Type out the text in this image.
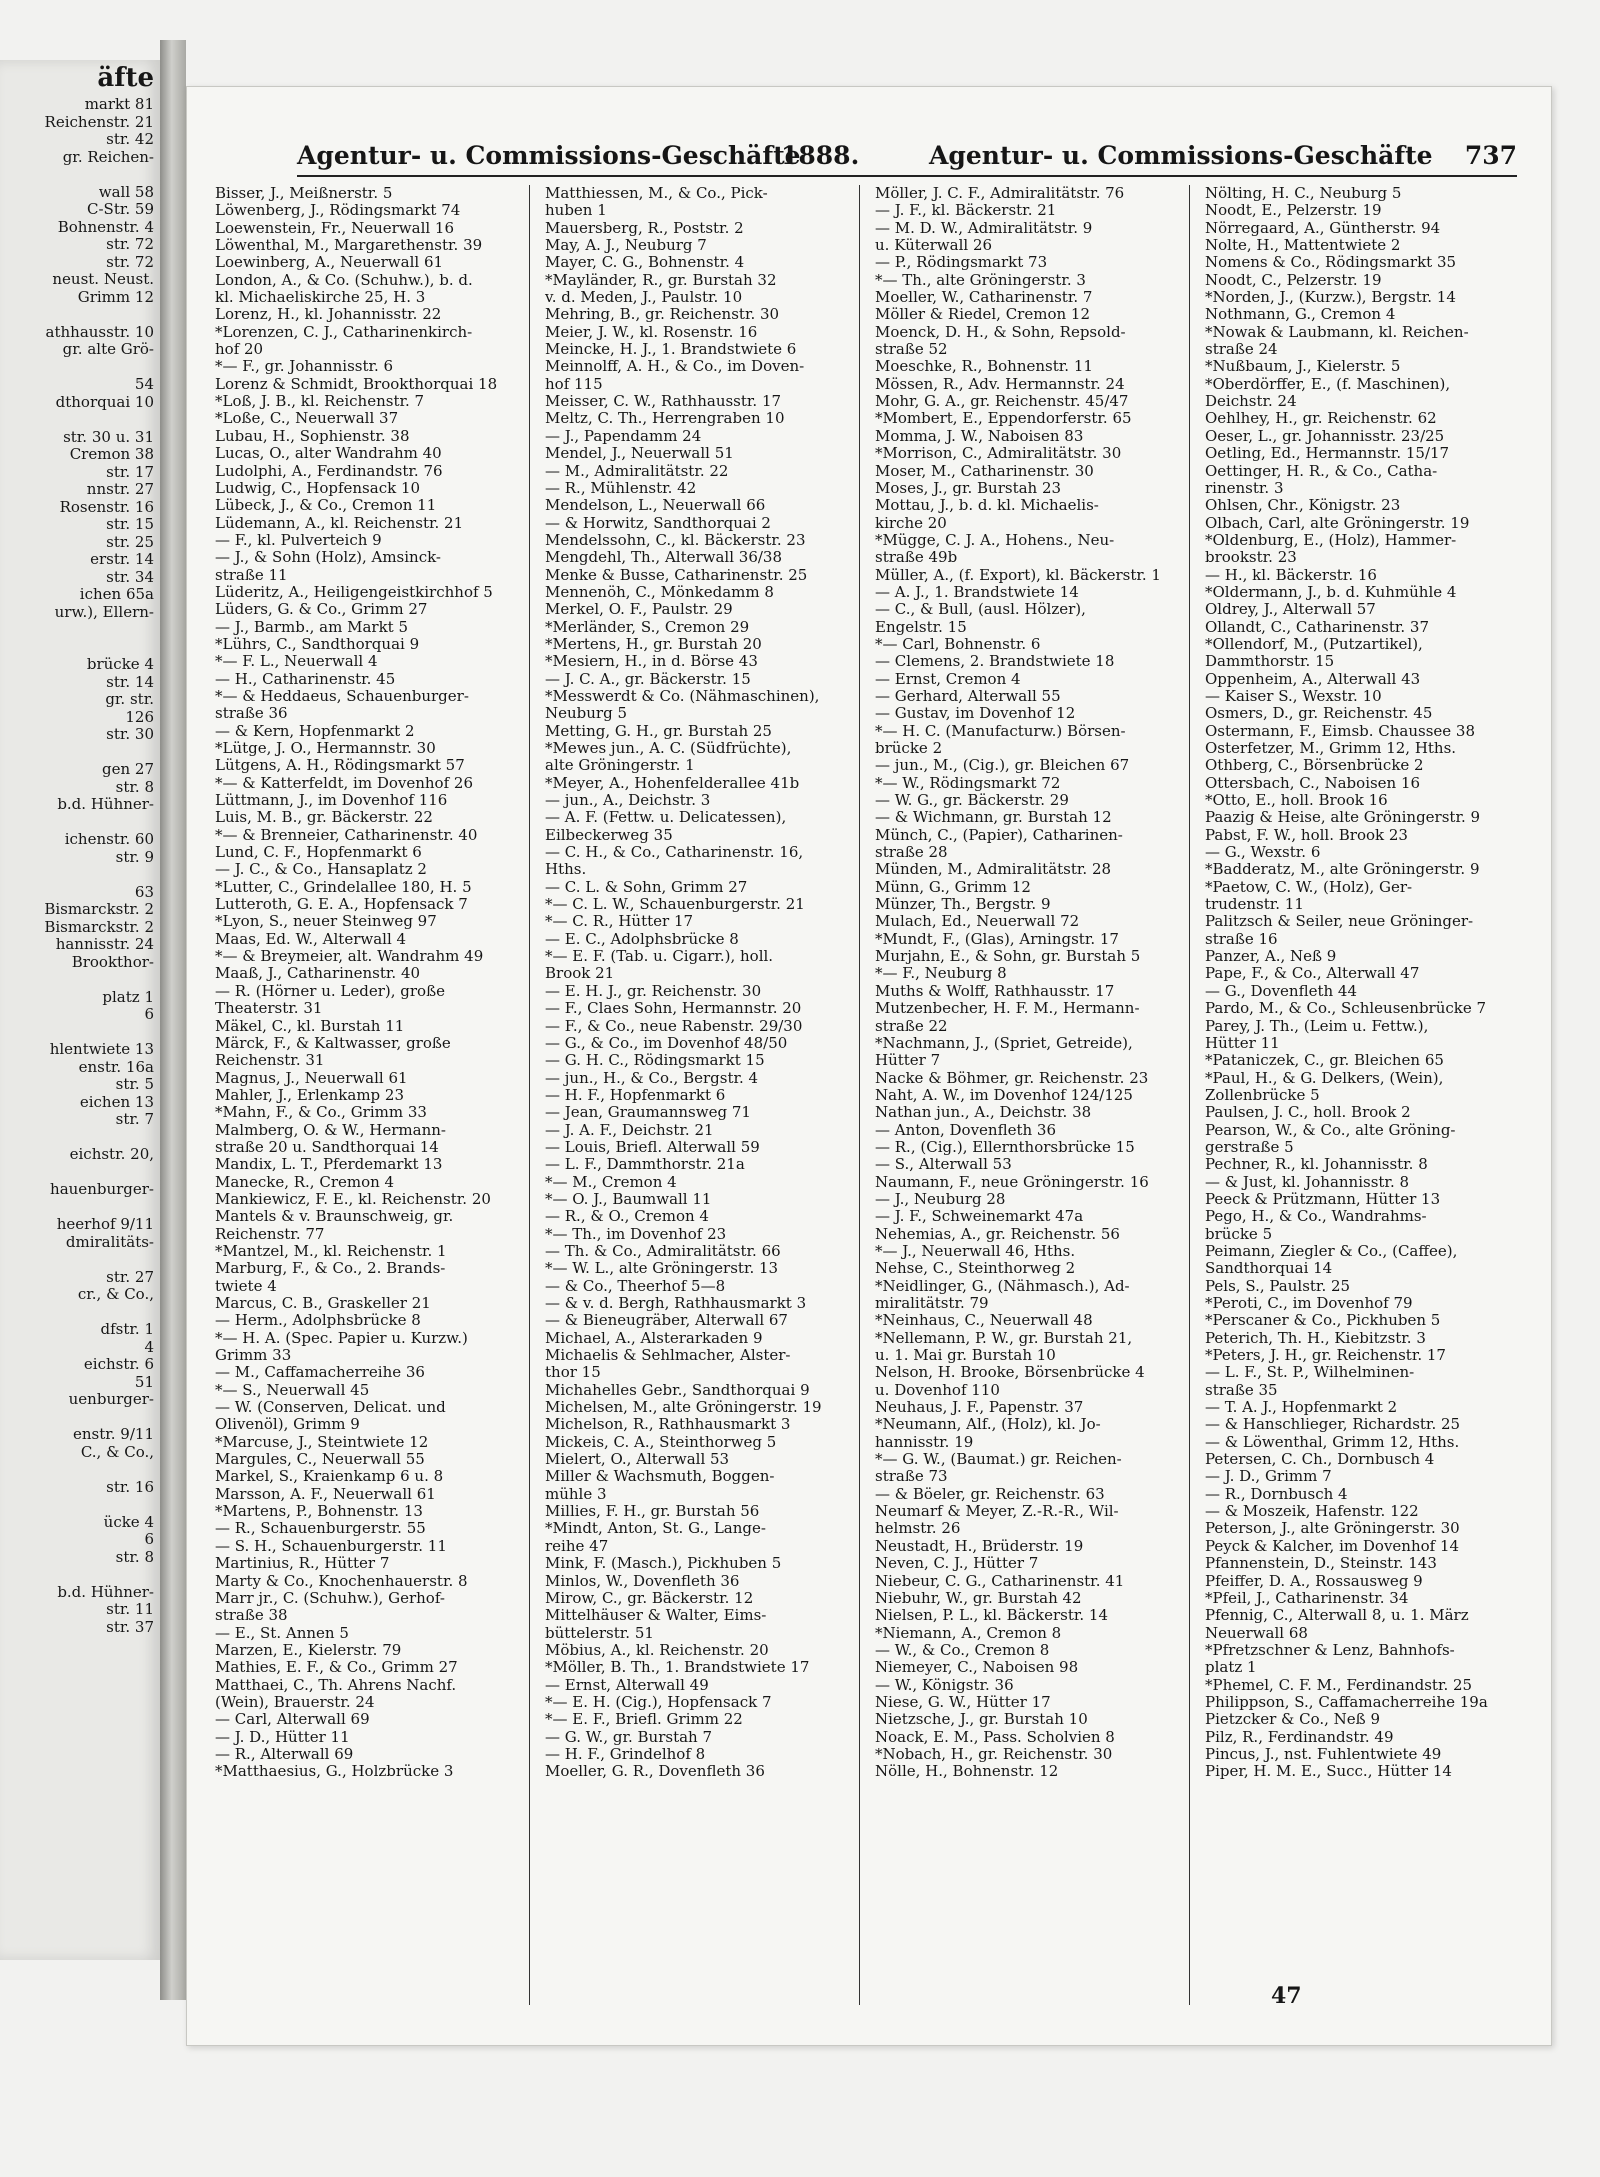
äfte
markt 81
Reichenstr. 21
str. 42
gr. Reichen-

wall 58
C-Str. 59
Bohnenstr. 4
str. 72
str. 72
neust. Neust.
Grimm 12

athhausstr. 10
gr. alte Grö-

54
dthorquai 10

str. 30 u. 31
Cremon 38
str. 17
nnstr. 27
Rosenstr. 16
str. 15
str. 25
erstr. 14
str. 34
ichen 65a
urw.), Ellern-

brücke 4
str. 14
gr. str.
126
str. 30

gen 27
str. 8
b.d. Hühner-

ichenstr. 60
str. 9

63
Bismarckstr. 2
Bismarckstr. 2
hannisstr. 24
Brookthor-

platz 1
6

hlentwiete 13
enstr. 16a
str. 5
eichen 13
str. 7

eichstr. 20,

hauenburger-

heerhof 9/11
dmiralitäts-

str. 27
cr., & Co.,

dfstr. 1
4
eichstr. 6
51
uenburger-

enstr. 9/11
C., & Co.,

str. 16

ücke 4
6
str. 8

b.d. Hühner-
str. 11
str. 37
Agentur- u. Commissions-Geschäfte
1888.	Agentur- u. Commissions-Geschäfte 737
Bisser, J., Meißnerstr. 5
Löwenberg, J., Rödingsmarkt 74
Loewenstein, Fr., Neuerwall 16
Löwenthal, M., Margarethenstr. 39
Loewinberg, A., Neuerwall 61
London, A., & Co. (Schuhw.), b. d.
kl. Michaeliskirche 25, H. 3
Lorenz, H., kl. Johannisstr. 22
*Lorenzen, C. J., Catharinenkirch-
hof 20
*— F., gr. Johannisstr. 6
Lorenz & Schmidt, Brookthorquai 18
*Loß, J. B., kl. Reichenstr. 7
*Loße, C., Neuerwall 37
Lubau, H., Sophienstr. 38
Lucas, O., alter Wandrahm 40
Ludolphi, A., Ferdinandstr. 76
Ludwig, C., Hopfensack 10
Lübeck, J., & Co., Cremon 11
Lüdemann, A., kl. Reichenstr. 21
— F., kl. Pulverteich 9
— J., & Sohn (Holz), Amsinck-
straße 11
Lüderitz, A., Heiligengeistkirchhof 5
Lüders, G. & Co., Grimm 27
— J., Barmb., am Markt 5
*Lührs, C., Sandthorquai 9
*— F. L., Neuerwall 4
— H., Catharinenstr. 45
*— & Heddaeus, Schauenburger-
straße 36
— & Kern, Hopfenmarkt 2
*Lütge, J. O., Hermannstr. 30
Lütgens, A. H., Rödingsmarkt 57
*— & Katterfeldt, im Dovenhof 26
Lüttmann, J., im Dovenhof 116
Luis, M. B., gr. Bäckerstr. 22
*— & Brenneier, Catharinenstr. 40
Lund, C. F., Hopfenmarkt 6
— J. C., & Co., Hansaplatz 2
*Lutter, C., Grindelallee 180, H. 5
Lutteroth, G. E. A., Hopfensack 7
*Lyon, S., neuer Steinweg 97
Maas, Ed. W., Alterwall 4
*— & Breymeier, alt. Wandrahm 49
Maaß, J., Catharinenstr. 40
— R. (Hörner u. Leder), große
Theaterstr. 31
Mäkel, C., kl. Burstah 11
Märck, F., & Kaltwasser, große
Reichenstr. 31
Magnus, J., Neuerwall 61
Mahler, J., Erlenkamp 23
*Mahn, F., & Co., Grimm 33
Malmberg, O. & W., Hermann-
straße 20 u. Sandthorquai 14
Mandix, L. T., Pferdemarkt 13
Manecke, R., Cremon 4
Mankiewicz, F. E., kl. Reichenstr. 20
Mantels & v. Braunschweig, gr.
Reichenstr. 77
*Mantzel, M., kl. Reichenstr. 1
Marburg, F., & Co., 2. Brands-
twiete 4
Marcus, C. B., Graskeller 21
— Herm., Adolphsbrücke 8
*— H. A. (Spec. Papier u. Kurzw.)
Grimm 33
— M., Caffamacherreihe 36
*— S., Neuerwall 45
— W. (Conserven, Delicat. und
Olivenöl), Grimm 9
*Marcuse, J., Steintwiete 12
Margules, C., Neuerwall 55
Markel, S., Kraienkamp 6 u. 8
Marsson, A. F., Neuerwall 61
*Martens, P., Bohnenstr. 13
— R., Schauenburgerstr. 55
— S. H., Schauenburgerstr. 11
Martinius, R., Hütter 7
Marty & Co., Knochenhauerstr. 8
Marr jr., C. (Schuhw.), Gerhof-
straße 38
— E., St. Annen 5
Marzen, E., Kielerstr. 79
Mathies, E. F., & Co., Grimm 27
Matthaei, C., Th. Ahrens Nachf.
(Wein), Brauerstr. 24
— Carl, Alterwall 69
— J. D., Hütter 11
— R., Alterwall 69
*Matthaesius, G., Holzbrücke 3
Matthiessen, M., & Co., Pick-
huben 1
Mauersberg, R., Poststr. 2
May, A. J., Neuburg 7
Mayer, C. G., Bohnenstr. 4
*Mayländer, R., gr. Burstah 32
v. d. Meden, J., Paulstr. 10
Mehring, B., gr. Reichenstr. 30
Meier, J. W., kl. Rosenstr. 16
Meincke, H. J., 1. Brandstwiete 6
Meinnolff, A. H., & Co., im Doven-
hof 115
Meisser, C. W., Rathhausstr. 17
Meltz, C. Th., Herrengraben 10
— J., Papendamm 24
Mendel, J., Neuerwall 51
— M., Admiralitätstr. 22
— R., Mühlenstr. 42
Mendelson, L., Neuerwall 66
— & Horwitz, Sandthorquai 2
Mendelssohn, C., kl. Bäckerstr. 23
Mengdehl, Th., Alterwall 36/38
Menke & Busse, Catharinenstr. 25
Mennenöh, C., Mönkedamm 8
Merkel, O. F., Paulstr. 29
*Merländer, S., Cremon 29
*Mertens, H., gr. Burstah 20
*Mesiern, H., in d. Börse 43
— J. C. A., gr. Bäckerstr. 15
*Messwerdt & Co. (Nähmaschinen),
Neuburg 5
Metting, G. H., gr. Burstah 25
*Mewes jun., A. C. (Südfrüchte),
alte Gröningerstr. 1
*Meyer, A., Hohenfelderallee 41b
— jun., A., Deichstr. 3
— A. F. (Fettw. u. Delicatessen),
Eilbeckerweg 35
— C. H., & Co., Catharinenstr. 16,
Hths.
— C. L. & Sohn, Grimm 27
*— C. L. W., Schauenburgerstr. 21
*— C. R., Hütter 17
— E. C., Adolphsbrücke 8
*— E. F. (Tab. u. Cigarr.), holl.
Brook 21
— E. H. J., gr. Reichenstr. 30
— F., Claes Sohn, Hermannstr. 20
— F., & Co., neue Rabenstr. 29/30
— G., & Co., im Dovenhof 48/50
— G. H. C., Rödingsmarkt 15
— jun., H., & Co., Bergstr. 4
— H. F., Hopfenmarkt 6
— Jean, Graumannsweg 71
— J. A. F., Deichstr. 21
— Louis, Briefl. Alterwall 59
— L. F., Dammthorstr. 21a
*— M., Cremon 4
*— O. J., Baumwall 11
— R., & O., Cremon 4
*— Th., im Dovenhof 23
— Th. & Co., Admiralitätstr. 66
*— W. L., alte Gröningerstr. 13
— & Co., Theerhof 5—8
— & v. d. Bergh, Rathhausmarkt 3
— & Bieneugräber, Alterwall 67
Michael, A., Alsterarkaden 9
Michaelis & Sehlmacher, Alster-
thor 15
Michahelles Gebr., Sandthorquai 9
Michelsen, M., alte Gröningerstr. 19
Michelson, R., Rathhausmarkt 3
Mickeis, C. A., Steinthorweg 5
Mielert, O., Alterwall 53
Miller & Wachsmuth, Boggen-
mühle 3
Millies, F. H., gr. Burstah 56
*Mindt, Anton, St. G., Lange-
reihe 47
Mink, F. (Masch.), Pickhuben 5
Minlos, W., Dovenfleth 36
Mirow, C., gr. Bäckerstr. 12
Mittelhäuser & Walter, Eims-
büttelerstr. 51
Möbius, A., kl. Reichenstr. 20
*Möller, B. Th., 1. Brandstwiete 17
— Ernst, Alterwall 49
*— E. H. (Cig.), Hopfensack 7
*— E. F., Briefl. Grimm 22
— G. W., gr. Burstah 7
— H. F., Grindelhof 8
Moeller, G. R., Dovenfleth 36
Möller, J. C. F., Admiralitätstr. 76
— J. F., kl. Bäckerstr. 21
— M. D. W., Admiralitätstr. 9
u. Küterwall 26
— P., Rödingsmarkt 73
*— Th., alte Gröningerstr. 3
Moeller, W., Catharinenstr. 7
Möller & Riedel, Cremon 12
Moenck, D. H., & Sohn, Repsold-
straße 52
Moeschke, R., Bohnenstr. 11
Mössen, R., Adv. Hermannstr. 24
Mohr, G. A., gr. Reichenstr. 45/47
*Mombert, E., Eppendorferstr. 65
Momma, J. W., Naboisen 83
*Morrison, C., Admiralitätstr. 30
Moser, M., Catharinenstr. 30
Moses, J., gr. Burstah 23
Mottau, J., b. d. kl. Michaelis-
kirche 20
*Mügge, C. J. A., Hohens., Neu-
straße 49b
Müller, A., (f. Export), kl. Bäckerstr. 1
— A. J., 1. Brandstwiete 14
— C., & Bull, (ausl. Hölzer),
Engelstr. 15
*— Carl, Bohnenstr. 6
— Clemens, 2. Brandstwiete 18
— Ernst, Cremon 4
— Gerhard, Alterwall 55
— Gustav, im Dovenhof 12
*— H. C. (Manufacturw.) Börsen-
brücke 2
— jun., M., (Cig.), gr. Bleichen 67
*— W., Rödingsmarkt 72
— W. G., gr. Bäckerstr. 29
— & Wichmann, gr. Burstah 12
Münch, C., (Papier), Catharinen-
straße 28
Münden, M., Admiralitätstr. 28
Münn, G., Grimm 12
Münzer, Th., Bergstr. 9
Mulach, Ed., Neuerwall 72
*Mundt, F., (Glas), Arningstr. 17
Murjahn, E., & Sohn, gr. Burstah 5
*— F., Neuburg 8
Muths & Wolff, Rathhausstr. 17
Mutzenbecher, H. F. M., Hermann-
straße 22
*Nachmann, J., (Spriet, Getreide),
Hütter 7
Nacke & Böhmer, gr. Reichenstr. 23
Naht, A. W., im Dovenhof 124/125
Nathan jun., A., Deichstr. 38
— Anton, Dovenfleth 36
— R., (Cig.), Ellernthorsbrücke 15
— S., Alterwall 53
Naumann, F., neue Gröningerstr. 16
— J., Neuburg 28
— J. F., Schweinemarkt 47a
Nehemias, A., gr. Reichenstr. 56
*— J., Neuerwall 46, Hths.
Nehse, C., Steinthorweg 2
*Neidlinger, G., (Nähmasch.), Ad-
miralitätstr. 79
*Neinhaus, C., Neuerwall 48
*Nellemann, P. W., gr. Burstah 21,
u. 1. Mai gr. Burstah 10
Nelson, H. Brooke, Börsenbrücke 4
u. Dovenhof 110
Neuhaus, J. F., Papenstr. 37
*Neumann, Alf., (Holz), kl. Jo-
hannisstr. 19
*— G. W., (Baumat.) gr. Reichen-
straße 73
— & Böeler, gr. Reichenstr. 63
Neumarf & Meyer, Z.-R.-R., Wil-
helmstr. 26
Neustadt, H., Brüderstr. 19
Neven, C. J., Hütter 7
Niebeur, C. G., Catharinenstr. 41
Niebuhr, W., gr. Burstah 42
Nielsen, P. L., kl. Bäckerstr. 14
*Niemann, A., Cremon 8
— W., & Co., Cremon 8
Niemeyer, C., Naboisen 98
— W., Königstr. 36
Niese, G. W., Hütter 17
Nietzsche, J., gr. Burstah 10
Noack, E. M., Pass. Scholvien 8
*Nobach, H., gr. Reichenstr. 30
Nölle, H., Bohnenstr. 12
Nölting, H. C., Neuburg 5
Noodt, E., Pelzerstr. 19
Nörregaard, A., Güntherstr. 94
Nolte, H., Mattentwiete 2
Nomens & Co., Rödingsmarkt 35
Noodt, C., Pelzerstr. 19
*Norden, J., (Kurzw.), Bergstr. 14
Nothmann, G., Cremon 4
*Nowak & Laubmann, kl. Reichen-
straße 24
*Nußbaum, J., Kielerstr. 5
*Oberdörffer, E., (f. Maschinen),
Deichstr. 24
Oehlhey, H., gr. Reichenstr. 62
Oeser, L., gr. Johannisstr. 23/25
Oetling, Ed., Hermannstr. 15/17
Oettinger, H. R., & Co., Catha-
rinenstr. 3
Ohlsen, Chr., Königstr. 23
Olbach, Carl, alte Gröningerstr. 19
*Oldenburg, E., (Holz), Hammer-
brookstr. 23
— H., kl. Bäckerstr. 16
*Oldermann, J., b. d. Kuhmühle 4
Oldrey, J., Alterwall 57
Ollandt, C., Catharinenstr. 37
*Ollendorf, M., (Putzartikel),
Dammthorstr. 15
Oppenheim, A., Alterwall 43
— Kaiser S., Wexstr. 10
Osmers, D., gr. Reichenstr. 45
Ostermann, F., Eimsb. Chaussee 38
Osterfetzer, M., Grimm 12, Hths.
Othberg, C., Börsenbrücke 2
Ottersbach, C., Naboisen 16
*Otto, E., holl. Brook 16
Paazig & Heise, alte Gröningerstr. 9
Pabst, F. W., holl. Brook 23
— G., Wexstr. 6
*Badderatz, M., alte Gröningerstr. 9
*Paetow, C. W., (Holz), Ger-
trudenstr. 11
Palitzsch & Seiler, neue Gröninger-
straße 16
Panzer, A., Neß 9
Pape, F., & Co., Alterwall 47
— G., Dovenfleth 44
Pardo, M., & Co., Schleusenbrücke 7
Parey, J. Th., (Leim u. Fettw.),
Hütter 11
*Pataniczek, C., gr. Bleichen 65
*Paul, H., & G. Delkers, (Wein),
Zollenbrücke 5
Paulsen, J. C., holl. Brook 2
Pearson, W., & Co., alte Gröning-
gerstraße 5
Pechner, R., kl. Johannisstr. 8
— & Just, kl. Johannisstr. 8
Peeck & Prützmann, Hütter 13
Pego, H., & Co., Wandrahms-
brücke 5
Peimann, Ziegler & Co., (Caffee),
Sandthorquai 14
Pels, S., Paulstr. 25
*Peroti, C., im Dovenhof 79
*Perscaner & Co., Pickhuben 5
Peterich, Th. H., Kiebitzstr. 3
*Peters, J. H., gr. Reichenstr. 17
— L. F., St. P., Wilhelminen-
straße 35
— T. A. J., Hopfenmarkt 2
— & Hanschlieger, Richardstr. 25
— & Löwenthal, Grimm 12, Hths.
Petersen, C. Ch., Dornbusch 4
— J. D., Grimm 7
— R., Dornbusch 4
— & Moszeik, Hafenstr. 122
Peterson, J., alte Gröningerstr. 30
Peyck & Kalcher, im Dovenhof 14
Pfannenstein, D., Steinstr. 143
Pfeiffer, D. A., Rossausweg 9
*Pfeil, J., Catharinenstr. 34
Pfennig, C., Alterwall 8, u. 1. März
Neuerwall 68
*Pfretzschner & Lenz, Bahnhofs-
platz 1
*Phemel, C. F. M., Ferdinandstr. 25
Philippson, S., Caffamacherreihe 19a
Pietzcker & Co., Neß 9
Pilz, R., Ferdinandstr. 49
Pincus, J., nst. Fuhlentwiete 49
Piper, H. M. E., Succ., Hütter 14
47
